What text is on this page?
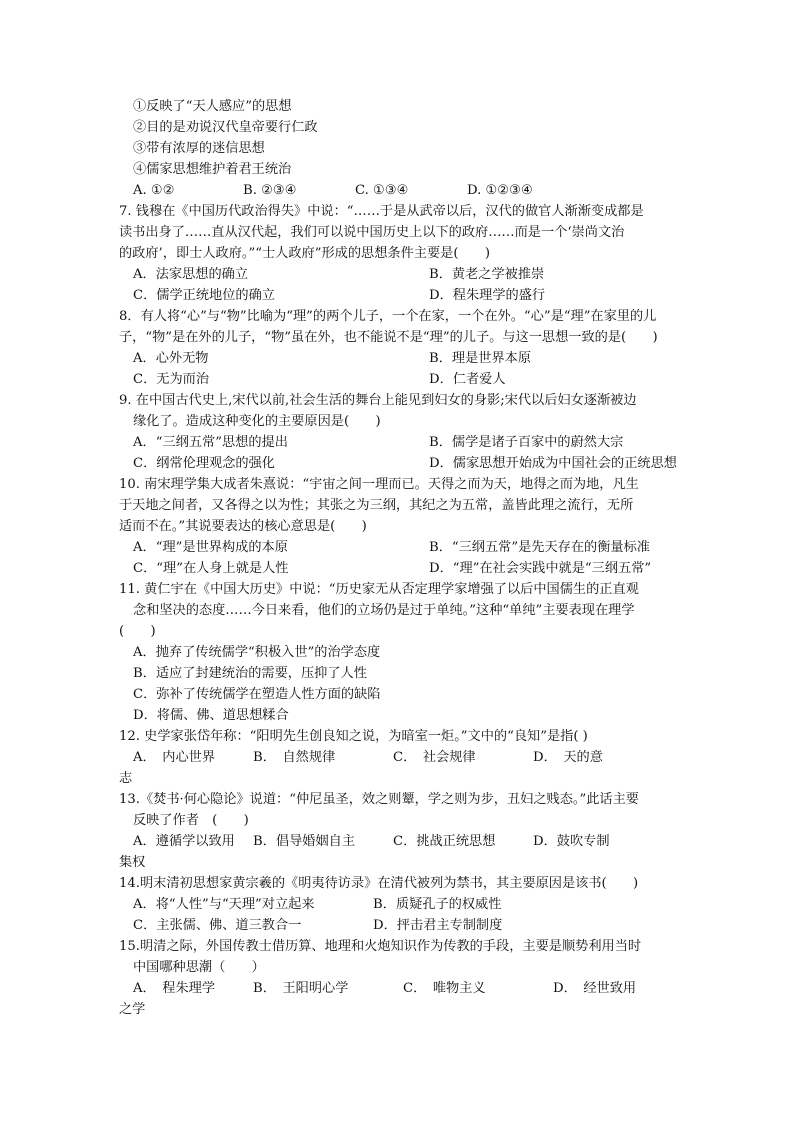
①反映了“天人感应”的思想
②目的是劝说汉代皇帝要行仁政
③带有浓厚的迷信思想
④儒家思想维护着君王统治
A. ①②	B. ②③④	C. ①③④	D. ①②③④
7. 钱穆在《中国历代政治得失》中说：“……于是从武帝以后，汉代的做官人渐渐变成都是
读书出身了……直从汉代起，我们可以说中国历史上以下的政府……而是一个‘崇尚文治
的政府’，即士人政府。”“士人政府”形成的思想条件主要是(　　)
A．法家思想的确立	B．黄老之学被推崇
C．儒学正统地位的确立	D．程朱理学的盛行
8．有人将“心”与“物”比喻为“理”的两个儿子，一个在家，一个在外。“心”是“理”在家里的儿
子，“物”是在外的儿子，“物”虽在外，也不能说不是“理”的儿子。与这一思想一致的是(　　)
A．心外无物	B．理是世界本原
C．无为而治	D．仁者爱人
9. 在中国古代史上,宋代以前,社会生活的舞台上能见到妇女的身影;宋代以后妇女逐渐被边
缘化了。造成这种变化的主要原因是(　　)
A．“三纲五常”思想的提出	B．儒学是诸子百家中的蔚然大宗
C．纲常伦理观念的强化	D．儒家思想开始成为中国社会的正统思想
10. 南宋理学集大成者朱熹说：“宇宙之间一理而已。天得之而为天，地得之而为地，凡生
于天地之间者，又各得之以为性；其张之为三纲，其纪之为五常，盖皆此理之流行，无所
适而不在。”其说要表达的核心意思是(　　)
A．“理”是世界构成的本原	B．“三纲五常”是先天存在的衡量标准
C．“理”在人身上就是人性	D．“理”在社会实践中就是“三纲五常”
11. 黄仁宇在《中国大历史》中说：“历史家无从否定理学家增强了以后中国儒生的正直观
念和坚决的态度……今日来看，他们的立场仍是过于单纯。”这种“单纯”主要表现在理学
(　　)
A．抛弃了传统儒学“积极入世”的治学态度
B．适应了封建统治的需要，压抑了人性
C．弥补了传统儒学在塑造人性方面的缺陷
D．将儒、佛、道思想糅合
12. 史学家张岱年称：“阳明先生创良知之说，为暗室一炬。”文中的“良知”是指( )
A．　内心世界	B．　自然规律	C．　社会规律	D．　天的意
志
13.《焚书·何心隐论》说道：“仲尼虽圣，效之则颦，学之则为步，丑妇之贱态。”此话主要
反映了作者　(　　)
A．遵循学以致用	B．倡导婚姻自主	C．挑战正统思想	D．鼓吹专制
集权
14.明末清初思想家黄宗羲的《明夷待访录》在清代被列为禁书，其主要原因是该书(　　)
A．将“人性”与“天理”对立起来	B．质疑孔子的权威性
C．主张儒、佛、道三教合一	D．抨击君主专制制度
15.明清之际，外国传教士借历算、地理和火炮知识作为传教的手段，主要是顺势利用当时
中国哪种思潮（　　）
A．　程朱理学	B．　王阳明心学	C．　唯物主义	D．　经世致用
之学
